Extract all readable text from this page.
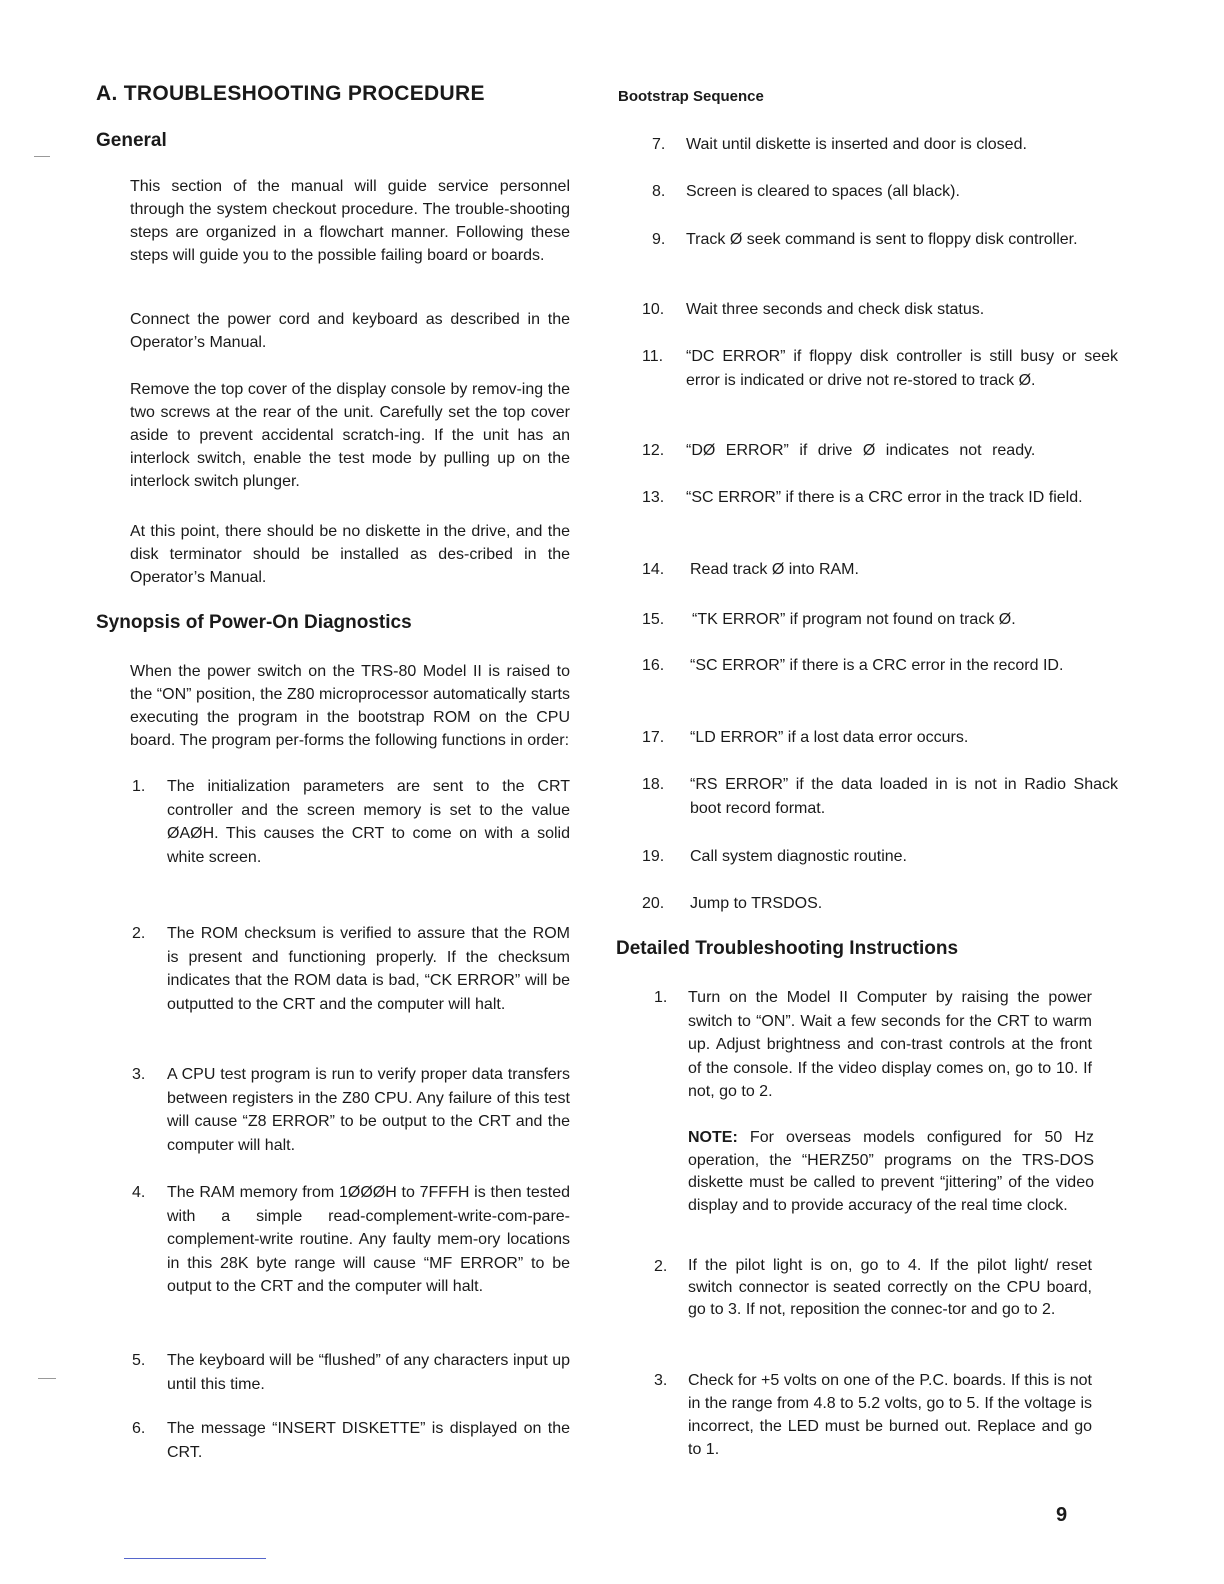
A. TROUBLESHOOTING PROCEDURE
General
This section of the manual will guide service personnel through the system checkout procedure. The trouble-shooting steps are organized in a flowchart manner. Following these steps will guide you to the possible failing board or boards.
Connect the power cord and keyboard as described in the Operator’s Manual.
Remove the top cover of the display console by remov-ing the two screws at the rear of the unit. Carefully set the top cover aside to prevent accidental scratch-ing. If the unit has an interlock switch, enable the test mode by pulling up on the interlock switch plunger.
At this point, there should be no diskette in the drive, and the disk terminator should be installed as des-cribed in the Operator’s Manual.
Synopsis of Power-On Diagnostics
When the power switch on the TRS-80 Model II is raised to the “ON” position, the Z80 microprocessor automatically starts executing the program in the bootstrap ROM on the CPU board. The program per-forms the following functions in order:
1. The initialization parameters are sent to the CRT controller and the screen memory is set to the value ØAØH. This causes the CRT to come on with a solid white screen.
2. The ROM checksum is verified to assure that the ROM is present and functioning properly. If the checksum indicates that the ROM data is bad, “CK ERROR” will be outputted to the CRT and the computer will halt.
3. A CPU test program is run to verify proper data transfers between registers in the Z80 CPU. Any failure of this test will cause “Z8 ERROR” to be output to the CRT and the computer will halt.
4. The RAM memory from 1ØØØH to 7FFFH is then tested with a simple read-complement-write-com-pare-complement-write routine. Any faulty mem-ory locations in this 28K byte range will cause “MF ERROR” to be output to the CRT and the computer will halt.
5. The keyboard will be “flushed” of any characters input up until this time.
6. The message “INSERT DISKETTE” is displayed on the CRT.
Bootstrap Sequence
7. Wait until diskette is inserted and door is closed.
8. Screen is cleared to spaces (all black).
9. Track Ø seek command is sent to floppy disk controller.
10. Wait three seconds and check disk status.
11. “DC ERROR” if floppy disk controller is still busy or seek error is indicated or drive not re-stored to track Ø.
12. “DØ ERROR” if drive Ø indicates not ready.
13. “SC ERROR” if there is a CRC error in the track ID field.
14. Read track Ø into RAM.
15. “TK ERROR” if program not found on track Ø.
16. “SC ERROR” if there is a CRC error in the record ID.
17. “LD ERROR” if a lost data error occurs.
18. “RS ERROR” if the data loaded in is not in Radio Shack boot record format.
19. Call system diagnostic routine.
20. Jump to TRSDOS.
Detailed Troubleshooting Instructions
1. Turn on the Model II Computer by raising the power switch to “ON”. Wait a few seconds for the CRT to warm up. Adjust brightness and con-trast controls at the front of the console. If the video display comes on, go to 10. If not, go to 2.
NOTE: For overseas models configured for 50 Hz operation, the “HERZ50” programs on the TRS-DOS diskette must be called to prevent “jittering” of the video display and to provide accuracy of the real time clock.
2. If the pilot light is on, go to 4. If the pilot light/ reset switch connector is seated correctly on the CPU board, go to 3. If not, reposition the connec-tor and go to 2.
3. Check for +5 volts on one of the P.C. boards. If this is not in the range from 4.8 to 5.2 volts, go to 5. If the voltage is incorrect, the LED must be burned out. Replace and go to 1.
9
